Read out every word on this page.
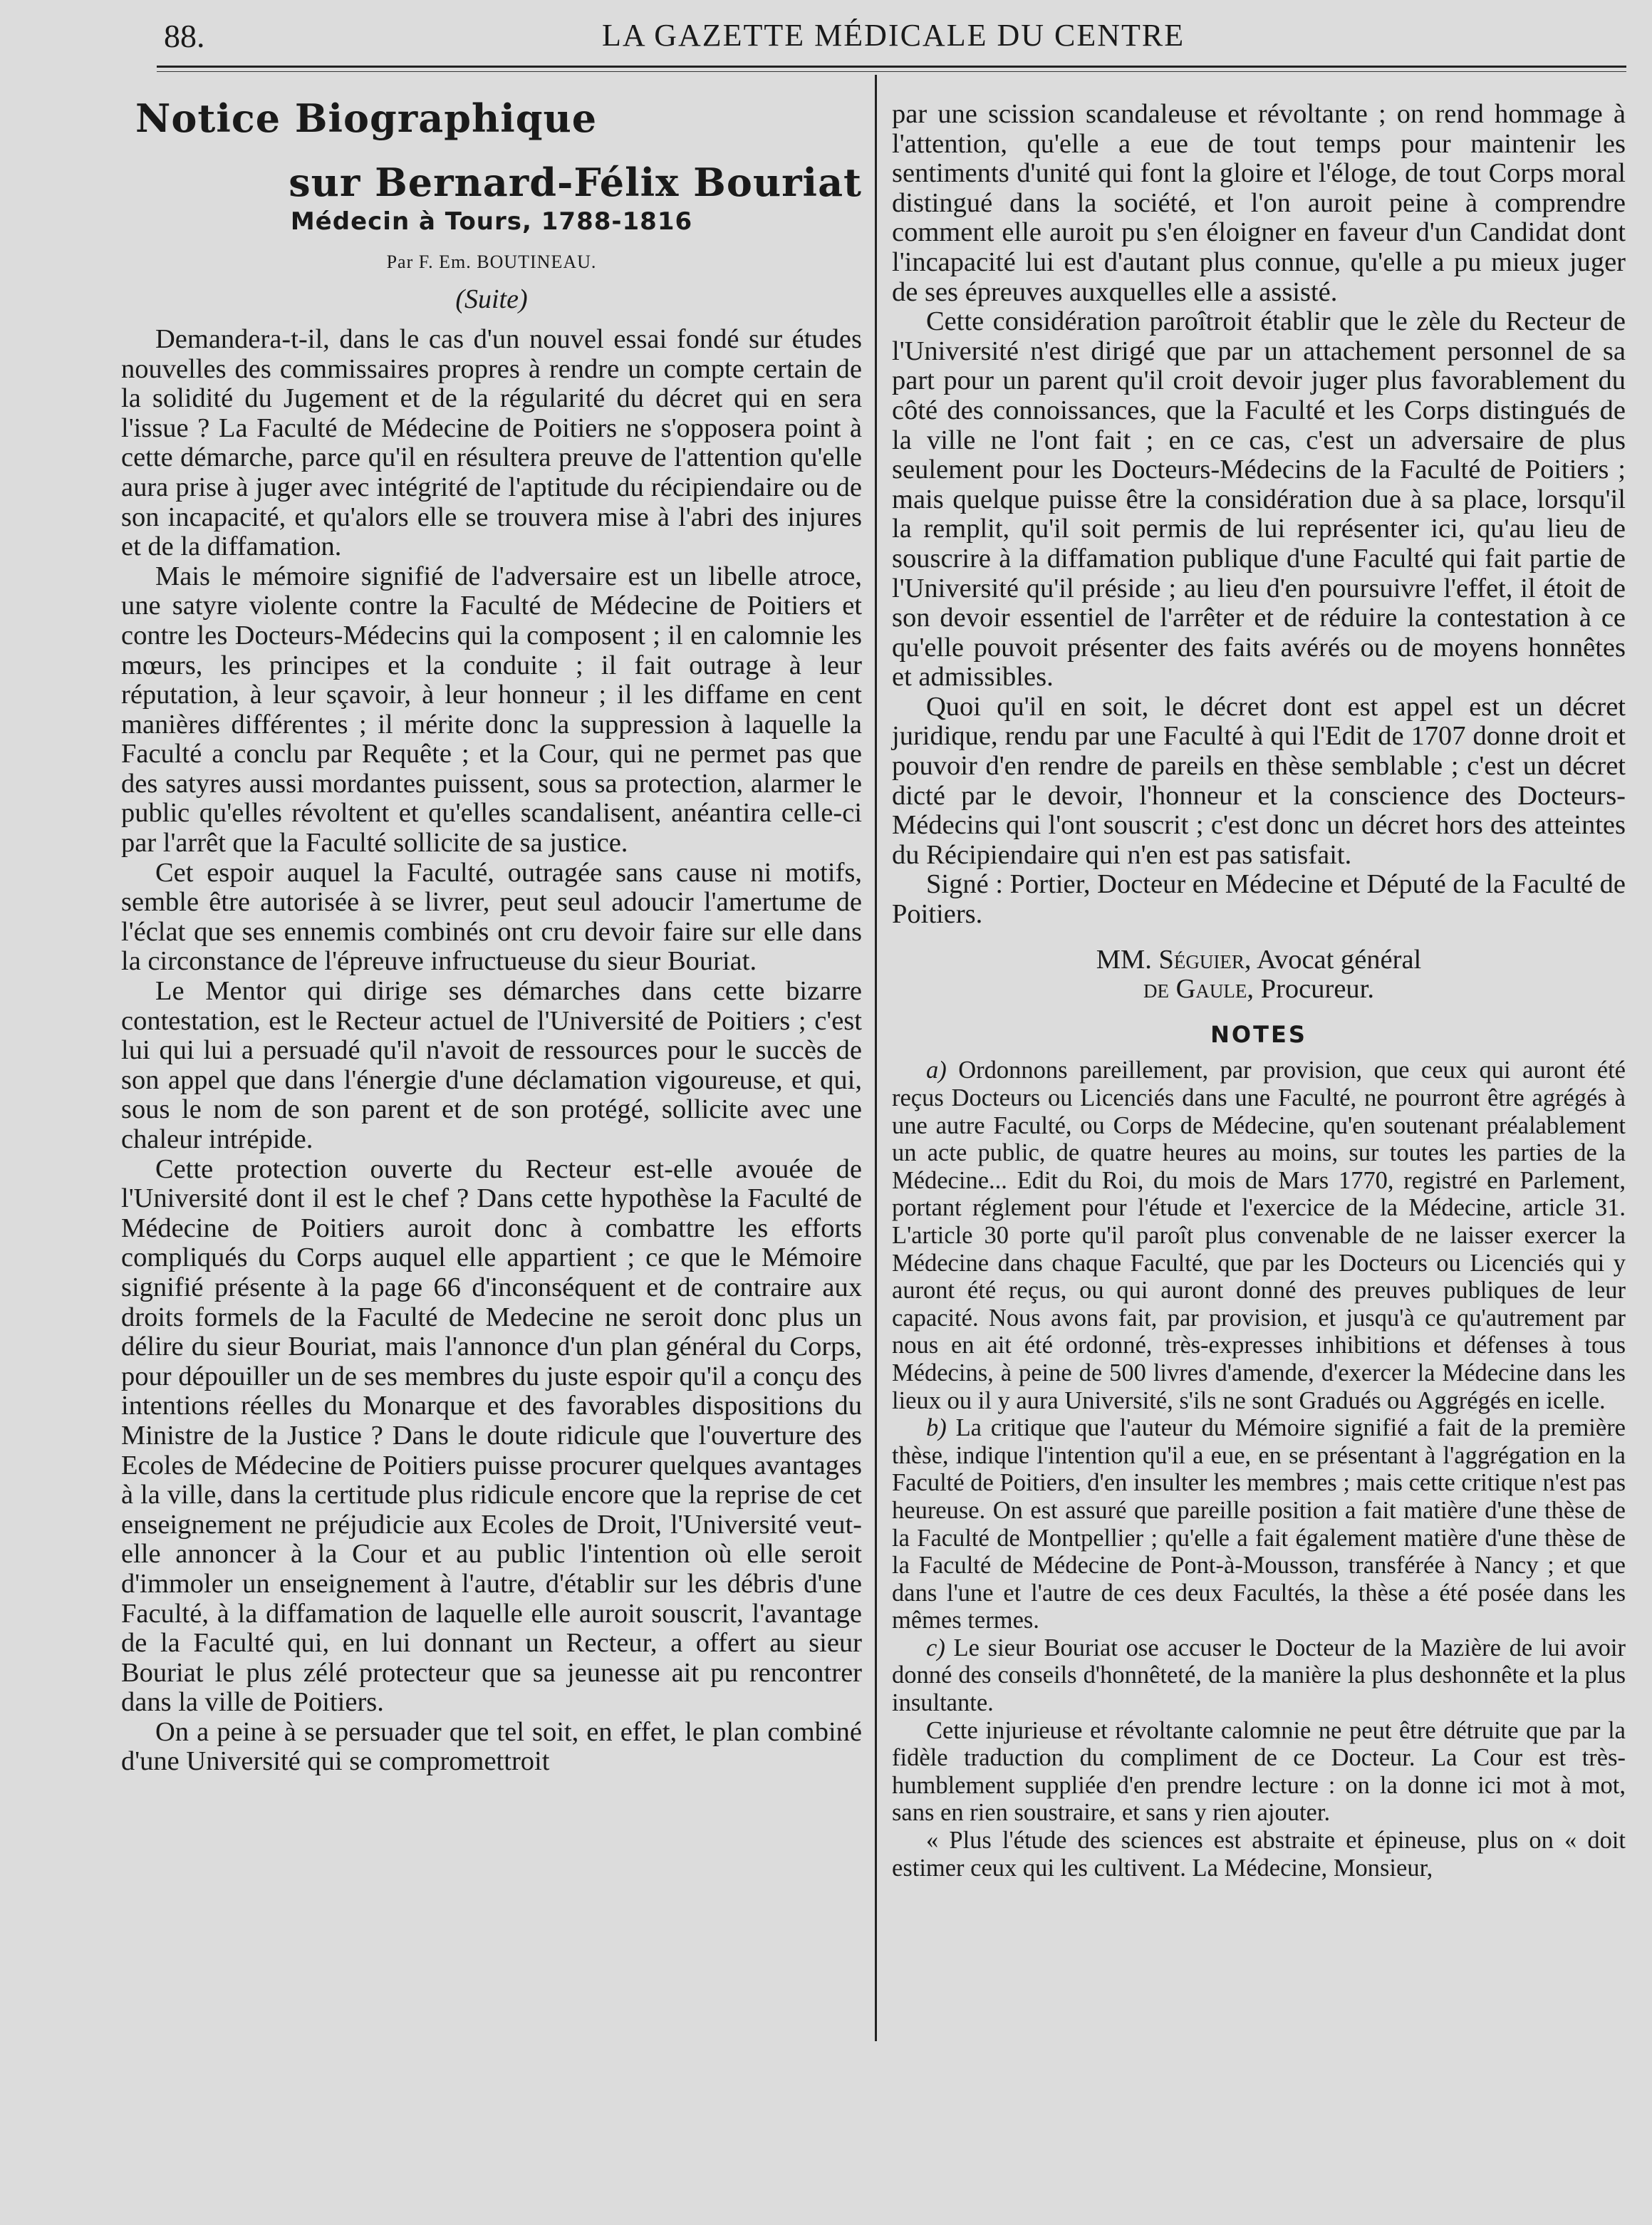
88.	LA GAZETTE MÉDICALE DU CENTRE
Notice Biographique
sur Bernard-Félix Bouriat
Médecin à Tours, 1788-1816
Par F. Em. BOUTINEAU.
(Suite)

Demandera-t-il, dans le cas d'un nouvel essai fondé sur études nouvelles des commissaires propres à rendre un compte certain de la solidité du Jugement et de la régularité du décret qui en sera l'issue ? La Faculté de Médecine de Poitiers ne s'opposera point à cette démarche, parce qu'il en résultera preuve de l'attention qu'elle aura prise à juger avec intégrité de l'aptitude du récipiendaire ou de son incapacité, et qu'alors elle se trouvera mise à l'abri des injures et de la diffamation.

Mais le mémoire signifié de l'adversaire est un libelle atroce, une satyre violente contre la Faculté de Médecine de Poitiers et contre les Docteurs-Médecins qui la composent ; il en calomnie les mœurs, les principes et la conduite ; il fait outrage à leur réputation, à leur sçavoir, à leur honneur ; il les diffame en cent manières différentes ; il mérite donc la suppression à laquelle la Faculté a conclu par Requête ; et la Cour, qui ne permet pas que des satyres aussi mordantes puissent, sous sa protection, alarmer le public qu'elles révoltent et qu'elles scandalisent, anéantira celle-ci par l'arrêt que la Faculté sollicite de sa justice.

Cet espoir auquel la Faculté, outragée sans cause ni motifs, semble être autorisée à se livrer, peut seul adoucir l'amertume de l'éclat que ses ennemis combinés ont cru devoir faire sur elle dans la circonstance de l'épreuve infructueuse du sieur Bouriat.

Le Mentor qui dirige ses démarches dans cette bizarre contestation, est le Recteur actuel de l'Université de Poitiers ; c'est lui qui lui a persuadé qu'il n'avoit de ressources pour le succès de son appel que dans l'énergie d'une déclamation vigoureuse, et qui, sous le nom de son parent et de son protégé, sollicite avec une chaleur intrépide.

Cette protection ouverte du Recteur est-elle avouée de l'Université dont il est le chef ? Dans cette hypothèse la Faculté de Médecine de Poitiers auroit donc à combattre les efforts compliqués du Corps auquel elle appartient ; ce que le Mémoire signifié présente à la page 66 d'inconséquent et de contraire aux droits formels de la Faculté de Medecine ne seroit donc plus un délire du sieur Bouriat, mais l'annonce d'un plan général du Corps, pour dépouiller un de ses membres du juste espoir qu'il a conçu des intentions réelles du Monarque et des favorables dispositions du Ministre de la Justice ? Dans le doute ridicule que l'ouverture des Ecoles de Médecine de Poitiers puisse procurer quelques avantages à la ville, dans la certitude plus ridicule encore que la reprise de cet enseignement ne préjudicie aux Ecoles de Droit, l'Université veut-elle annoncer à la Cour et au public l'intention où elle seroit d'immoler un enseignement à l'autre, d'établir sur les débris d'une Faculté, à la diffamation de laquelle elle auroit souscrit, l'avantage de la Faculté qui, en lui donnant un Recteur, a offert au sieur Bouriat le plus zélé protecteur que sa jeunesse ait pu rencontrer dans la ville de Poitiers.

On a peine à se persuader que tel soit, en effet, le plan combiné d'une Université qui se compromettroit

par une scission scandaleuse et révoltante ; on rend hommage à l'attention, qu'elle a eue de tout temps pour maintenir les sentiments d'unité qui font la gloire et l'éloge, de tout Corps moral distingué dans la société, et l'on auroit peine à comprendre comment elle auroit pu s'en éloigner en faveur d'un Candidat dont l'incapacité lui est d'autant plus connue, qu'elle a pu mieux juger de ses épreuves auxquelles elle a assisté.

Cette considération paroîtroit établir que le zèle du Recteur de l'Université n'est dirigé que par un attachement personnel de sa part pour un parent qu'il croit devoir juger plus favorablement du côté des connoissances, que la Faculté et les Corps distingués de la ville ne l'ont fait ; en ce cas, c'est un adversaire de plus seulement pour les Docteurs-Médecins de la Faculté de Poitiers ; mais quelque puisse être la considération due à sa place, lorsqu'il la remplit, qu'il soit permis de lui représenter ici, qu'au lieu de souscrire à la diffamation publique d'une Faculté qui fait partie de l'Université qu'il préside ; au lieu d'en poursuivre l'effet, il étoit de son devoir essentiel de l'arrêter et de réduire la contestation à ce qu'elle pouvoit présenter des faits avérés ou de moyens honnêtes et admissibles.

Quoi qu'il en soit, le décret dont est appel est un décret juridique, rendu par une Faculté à qui l'Edit de 1707 donne droit et pouvoir d'en rendre de pareils en thèse semblable ; c'est un décret dicté par le devoir, l'honneur et la conscience des Docteurs-Médecins qui l'ont souscrit ; c'est donc un décret hors des atteintes du Récipiendaire qui n'en est pas satisfait.

Signé : Portier, Docteur en Médecine et Député de la Faculté de Poitiers.

MM. Séguier, Avocat général
de Gaule, Procureur.
NOTES
a) Ordonnons pareillement, par provision, que ceux qui auront été reçus Docteurs ou Licenciés dans une Faculté, ne pourront être agrégés à une autre Faculté, ou Corps de Médecine, qu'en soutenant préalablement un acte public, de quatre heures au moins, sur toutes les parties de la Médecine... Edit du Roi, du mois de Mars 1770, registré en Parlement, portant réglement pour l'étude et l'exercice de la Médecine, article 31. L'article 30 porte qu'il paroît plus convenable de ne laisser exercer la Médecine dans chaque Faculté, que par les Docteurs ou Licenciés qui y auront été reçus, ou qui auront donné des preuves publiques de leur capacité. Nous avons fait, par provision, et jusqu'à ce qu'autrement par nous en ait été ordonné, très-expresses inhibitions et défenses à tous Médecins, à peine de 500 livres d'amende, d'exercer la Médecine dans les lieux ou il y aura Université, s'ils ne sont Gradués ou Aggrégés en icelle.
b) La critique que l'auteur du Mémoire signifié a fait de la première thèse, indique l'intention qu'il a eue, en se présentant à l'aggrégation en la Faculté de Poitiers, d'en insulter les membres ; mais cette critique n'est pas heureuse. On est assuré que pareille position a fait matière d'une thèse de la Faculté de Montpellier ; qu'elle a fait également matière d'une thèse de la Faculté de Médecine de Pont-à-Mousson, transférée à Nancy ; et que dans l'une et l'autre de ces deux Facultés, la thèse a été posée dans les mêmes termes.
c) Le sieur Bouriat ose accuser le Docteur de la Mazière de lui avoir donné des conseils d'honnêteté, de la manière la plus deshonnête et la plus insultante.
Cette injurieuse et révoltante calomnie ne peut être détruite que par la fidèle traduction du compliment de ce Docteur. La Cour est très-humblement suppliée d'en prendre lecture : on la donne ici mot à mot, sans en rien soustraire, et sans y rien ajouter.
« Plus l'étude des sciences est abstraite et épineuse, plus on « doit estimer ceux qui les cultivent. La Médecine, Monsieur,
